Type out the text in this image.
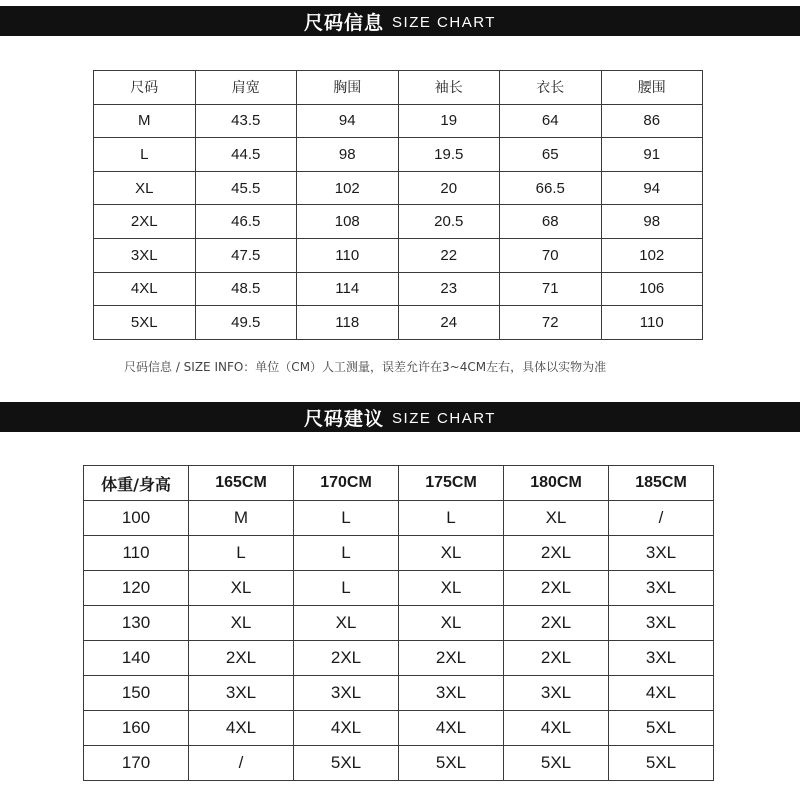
尺码信息 SIZE CHART
尺码	肩宽	胸围	袖长	衣长	腰围
M	43.5	94	19	64	86
L	44.5	98	19.5	65	91
XL	45.5	102	20	66.5	94
2XL	46.5	108	20.5	68	98
3XL	47.5	110	22	70	102
4XL	48.5	114	23	71	106
5XL	49.5	118	24	72	110
尺码信息 / SIZE INFO：单位（CM）人工测量，误差允许在3~4CM左右，具体以实物为准
尺码建议 SIZE CHART
体重/身高	165CM	170CM	175CM	180CM	185CM
100	M	L	L	XL	/
110	L	L	XL	2XL	3XL
120	XL	L	XL	2XL	3XL
130	XL	XL	XL	2XL	3XL
140	2XL	2XL	2XL	2XL	3XL
150	3XL	3XL	3XL	3XL	4XL
160	4XL	4XL	4XL	4XL	5XL
170	/	5XL	5XL	5XL	5XL
